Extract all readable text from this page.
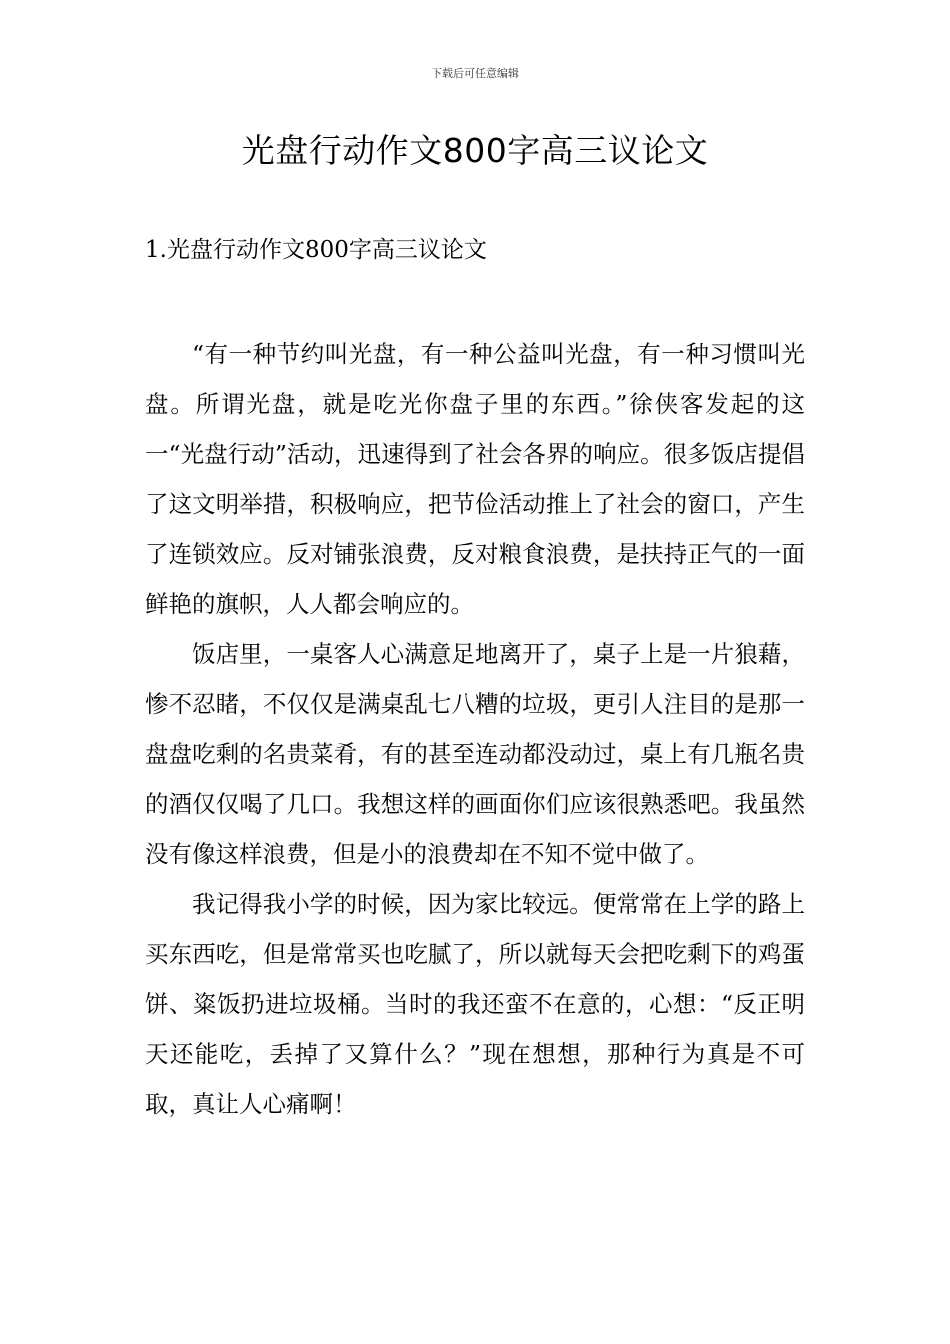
下载后可任意编辑
光盘行动作文800字高三议论文
1.光盘行动作文800字高三议论文

“有一种节约叫光盘，有一种公益叫光盘，有一种习惯叫光盘。所谓光盘，就是吃光你盘子里的东西。”徐侠客发起的这一“光盘行动”活动，迅速得到了社会各界的响应。很多饭店提倡了这文明举措，积极响应，把节俭活动推上了社会的窗口，产生了连锁效应。反对铺张浪费，反对粮食浪费，是扶持正气的一面鲜艳的旗帜，人人都会响应的。

饭店里，一桌客人心满意足地离开了，桌子上是一片狼藉，惨不忍睹，不仅仅是满桌乱七八糟的垃圾，更引人注目的是那一盘盘吃剩的名贵菜肴，有的甚至连动都没动过，桌上有几瓶名贵的酒仅仅喝了几口。我想这样的画面你们应该很熟悉吧。我虽然没有像这样浪费，但是小的浪费却在不知不觉中做了。

我记得我小学的时候，因为家比较远。便常常在上学的路上买东西吃，但是常常买也吃腻了，所以就每天会把吃剩下的鸡蛋饼、粢饭扔进垃圾桶。当时的我还蛮不在意的，心想：“反正明天还能吃，丢掉了又算什么？”现在想想，那种行为真是不可取，真让人心痛啊！
